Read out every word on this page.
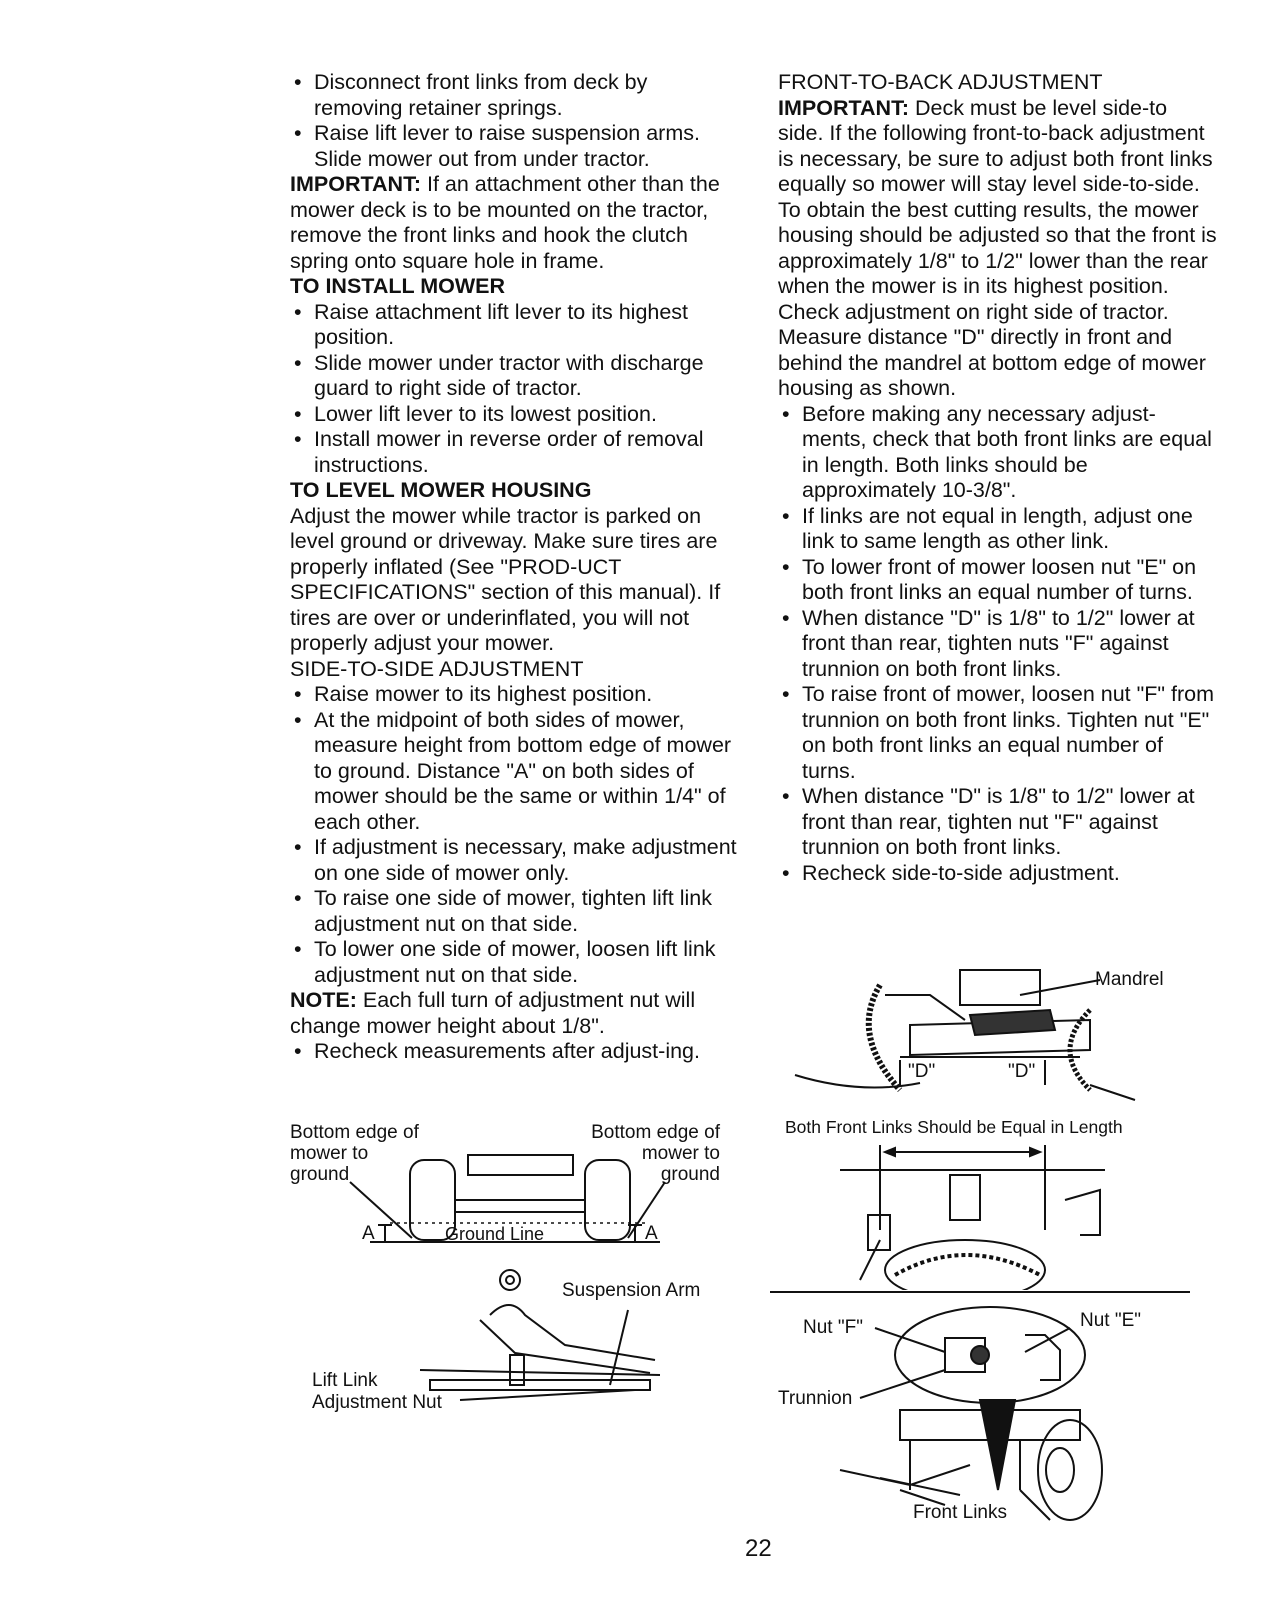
• Disconnect front links from deck by removing retainer springs.
• Raise lift lever to raise suspension arms. Slide mower out from under tractor.

IMPORTANT: If an attachment other than the mower deck is to be mounted on the tractor, remove the front links and hook the clutch spring onto square hole in frame.

TO INSTALL MOWER

• Raise attachment lift lever to its highest position.
• Slide mower under tractor with discharge guard to right side of tractor.
• Lower lift lever to its lowest position.
• Install mower in reverse order of removal instructions.

TO LEVEL MOWER HOUSING

Adjust the mower while tractor is parked on level ground or driveway. Make sure tires are properly inflated (See "PROD-UCT SPECIFICATIONS" section of this manual). If tires are over or underinflated, you will not properly adjust your mower.

SIDE-TO-SIDE ADJUSTMENT

• Raise mower to its highest position.
• At the midpoint of both sides of mower, measure height from bottom edge of mower to ground. Distance "A" on both sides of mower should be the same or within 1/4" of each other.
• If adjustment is necessary, make adjustment on one side of mower only.
• To raise one side of mower, tighten lift link adjustment nut on that side.
• To lower one side of mower, loosen lift link adjustment nut on that side.

NOTE: Each full turn of adjustment nut will change mower height about 1/8".

• Recheck measurements after adjust-ing.
Bottom edge of mower to ground
Bottom edge of mower to ground
Ground Line
A	A
Suspension Arm
Lift Link Adjustment Nut

FRONT-TO-BACK ADJUSTMENT

IMPORTANT: Deck must be level side-to side. If the following front-to-back adjustment is necessary, be sure to adjust both front links equally so mower will stay level side-to-side.

To obtain the best cutting results, the mower housing should be adjusted so that the front is approximately 1/8" to 1/2" lower than the rear when the mower is in its highest position.

Check adjustment on right side of tractor. Measure distance "D" directly in front and behind the mandrel at bottom edge of mower housing as shown.

• Before making any necessary adjust-ments, check that both front links are equal in length. Both links should be approximately 10-3/8".
• If links are not equal in length, adjust one link to same length as other link.
• To lower front of mower loosen nut "E" on both front links an equal number of turns.
• When distance "D" is 1/8" to 1/2" lower at front than rear, tighten nuts "F" against trunnion on both front links.
• To raise front of mower, loosen nut "F" from trunnion on both front links. Tighten nut "E" on both front links an equal number of turns.
• When distance "D" is 1/8" to 1/2" lower at front than rear, tighten nut "F" against trunnion on both front links.
• Recheck side-to-side adjustment.
Mandrel
"D"	"D"
Both Front Links Should be Equal in Length
Nut "F"	Nut "E"
Trunnion
Front Links
22
